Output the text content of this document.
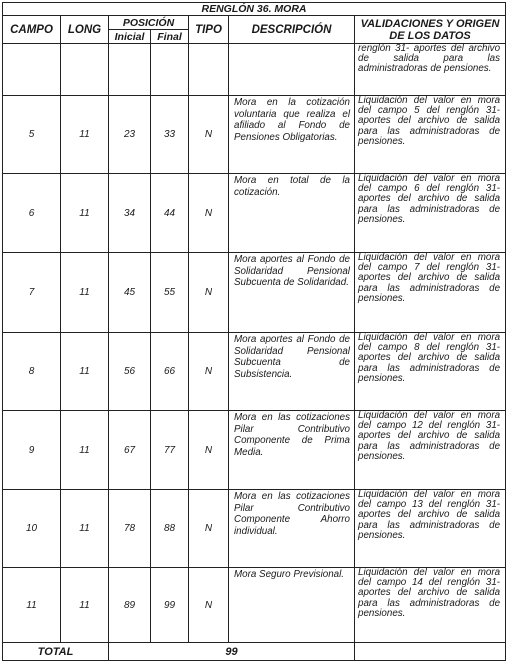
RENGLÓN 36. MORA						
CAMPO	LONG	POSICIÓN		TIPO	DESCRIPCIÓN	VALIDACIONES Y ORIGEN DE LOS DATOS
		Inicial	Final			
						renglón 31- aportes del archivo de salida para las administradoras de pensiones.
5	11	23	33	N	Mora en la cotización voluntaria que realiza el afiliado al Fondo de Pensiones Obligatorias.	Liquidación del valor en mora del campo 5 del renglón 31- aportes del archivo de salida para las administradoras de pensiones.
6	11	34	44	N	Mora en total de la cotización.	Liquidación del valor en mora del campo 6 del renglón 31- aportes del archivo de salida para las administradoras de pensiones.
7	11	45	55	N	Mora aportes al Fondo de Solidaridad Pensional Subcuenta de Solidaridad.	Liquidación del valor en mora del campo 7 del renglón 31- aportes del archivo de salida para las administradoras de pensiones.
8	11	56	66	N	Mora aportes al Fondo de Solidaridad Pensional Subcuenta de Subsistencia.	Liquidación del valor en mora del campo 8 del renglón 31- aportes del archivo de salida para las administradoras de pensiones.
9	11	67	77	N	Mora en las cotizaciones Pilar Contributivo Componente de Prima Media.	Liquidación del valor en mora del campo 12 del renglón 31- aportes del archivo de salida para las administradoras de pensiones.
10	11	78	88	N	Mora en las cotizaciones Pilar Contributivo Componente Ahorro individual.	Liquidación del valor en mora del campo 13 del renglón 31- aportes del archivo de salida para las administradoras de pensiones.
11	11	89	99	N	Mora Seguro Previsional.	Liquidación del valor en mora del campo 14 del renglón 31- aportes del archivo de salida para las administradoras de pensiones.
TOTAL		99				
